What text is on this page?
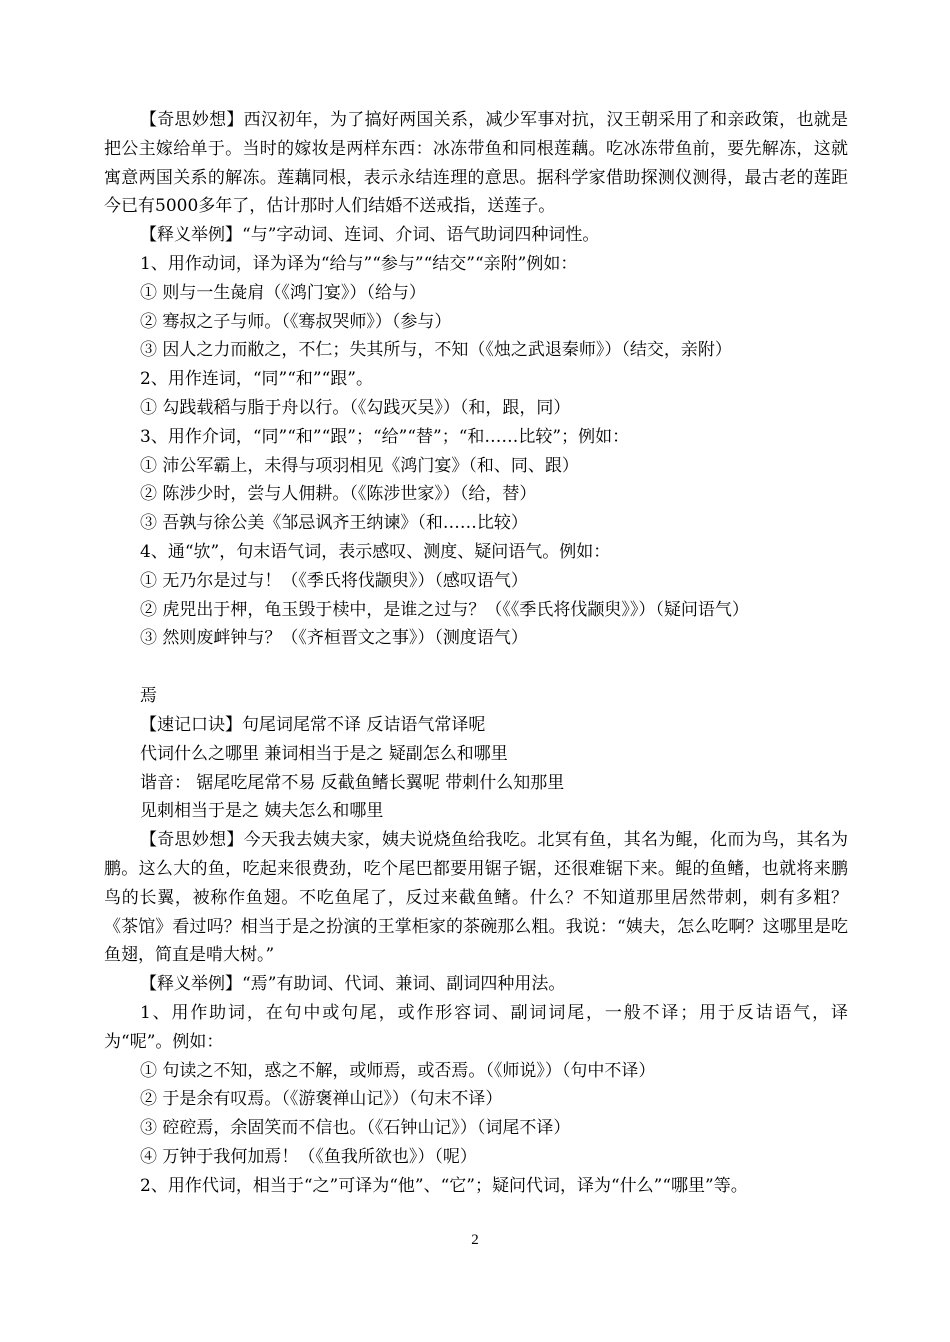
【奇思妙想】西汉初年，为了搞好两国关系，减少军事对抗，汉王朝采用了和亲政策，也就是把公主嫁给单于。当时的嫁妆是两样东西：冰冻带鱼和同根莲藕。吃冰冻带鱼前，要先解冻，这就寓意两国关系的解冻。莲藕同根，表示永结连理的意思。据科学家借助探测仪测得，最古老的莲距今已有5000多年了，估计那时人们结婚不送戒指，送莲子。

【释义举例】“与”字动词、连词、介词、语气助词四种词性。

1、用作动词，译为译为“给与”“参与”“结交”“亲附”例如：

① 则与一生彘肩（《鸿门宴》）（给与）

② 骞叔之子与师。（《骞叔哭师》）（参与）

③ 因人之力而敝之，不仁；失其所与，不知（《烛之武退秦师》）（结交，亲附）

2、用作连词，“同”“和”“跟”。

① 勾践载稻与脂于舟以行。（《勾践灭吴》）（和，跟，同）

3、用作介词，“同”“和”“跟”；“给”“替”；“和……比较”；例如：

① 沛公军霸上，未得与项羽相见《鸿门宴》（和、同、跟）

② 陈涉少时，尝与人佣耕。（《陈涉世家》）（给，替）

③ 吾孰与徐公美《邹忌讽齐王纳谏》（和……比较）

4、通“欤”，句末语气词，表示感叹、测度、疑问语气。例如：

① 无乃尔是过与！（《季氏将伐颛臾》）（感叹语气）

② 虎兕出于柙，龟玉毁于椟中，是谁之过与？（《《季氏将伐颛臾》》）（疑问语气）

③ 然则废衅钟与？（《齐桓晋文之事》）（测度语气）

焉

【速记口诀】句尾词尾常不译 反诘语气常译呢

代词什么之哪里 兼词相当于是之 疑副怎么和哪里

谐音： 锯尾吃尾常不易 反截鱼鳍长翼呢 带刺什么知那里

见刺相当于是之 姨夫怎么和哪里

【奇思妙想】今天我去姨夫家，姨夫说烧鱼给我吃。北冥有鱼，其名为鲲，化而为鸟，其名为鹏。这么大的鱼，吃起来很费劲，吃个尾巴都要用锯子锯，还很难锯下来。鲲的鱼鳍，也就将来鹏鸟的长翼，被称作鱼翅。不吃鱼尾了，反过来截鱼鳍。什么？不知道那里居然带刺，刺有多粗？《茶馆》看过吗？相当于是之扮演的王掌柜家的茶碗那么粗。我说：“姨夫，怎么吃啊？这哪里是吃鱼翅，简直是啃大树。”

【释义举例】“焉”有助词、代词、兼词、副词四种用法。

1、用作助词，在句中或句尾，或作形容词、副词词尾，一般不译；用于反诘语气，译为“呢”。例如：

① 句读之不知，惑之不解，或师焉，或否焉。（《师说》）（句中不译）

② 于是余有叹焉。（《游褒禅山记》）（句末不译）

③ 硿硿焉，余固笑而不信也。（《石钟山记》）（词尾不译）

④ 万钟于我何加焉！（《鱼我所欲也》）（呢）

2、用作代词，相当于“之”可译为“他”、“它”；疑问代词，译为“什么”“哪里”等。

2
